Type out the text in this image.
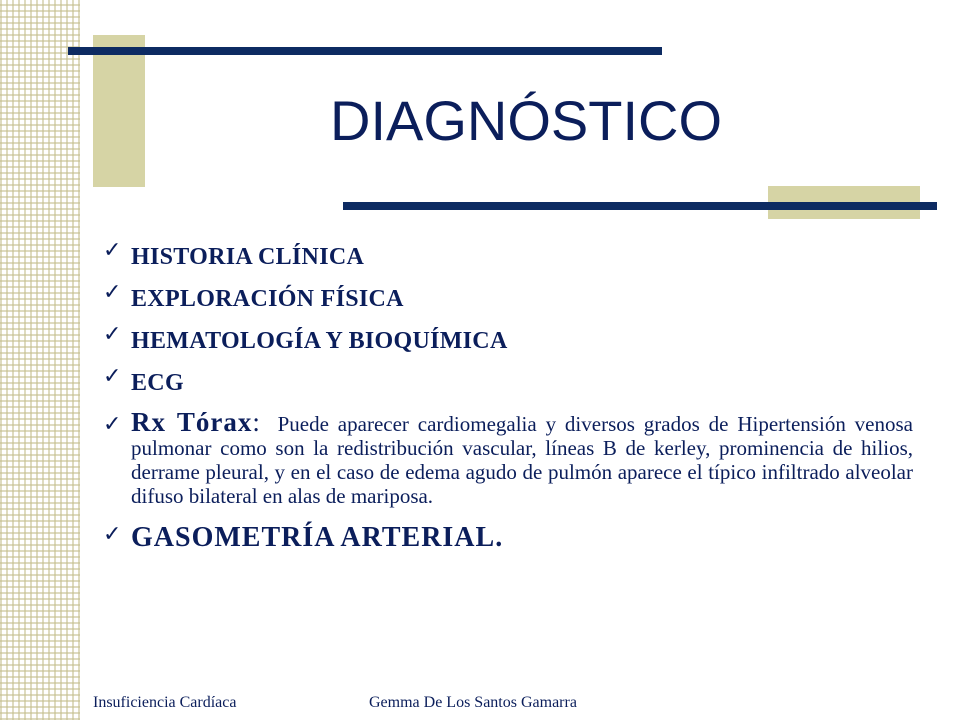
DIAGNÓSTICO
✓ HISTORIA CLÍNICA
✓ EXPLORACIÓN FÍSICA
✓ HEMATOLOGÍA Y BIOQUÍMICA
✓ ECG
✓ Rx Tórax: Puede aparecer cardiomegalia y diversos grados de Hipertensión venosa pulmonar como son la redistribución vascular, líneas B de kerley, prominencia de hilios, derrame pleural, y en el caso de edema agudo de pulmón aparece el típico infiltrado alveolar difuso bilateral en alas de mariposa.
✓ GASOMETRÍA ARTERIAL.
Insuficiencia Cardíaca	Gemma De Los Santos Gamarra
